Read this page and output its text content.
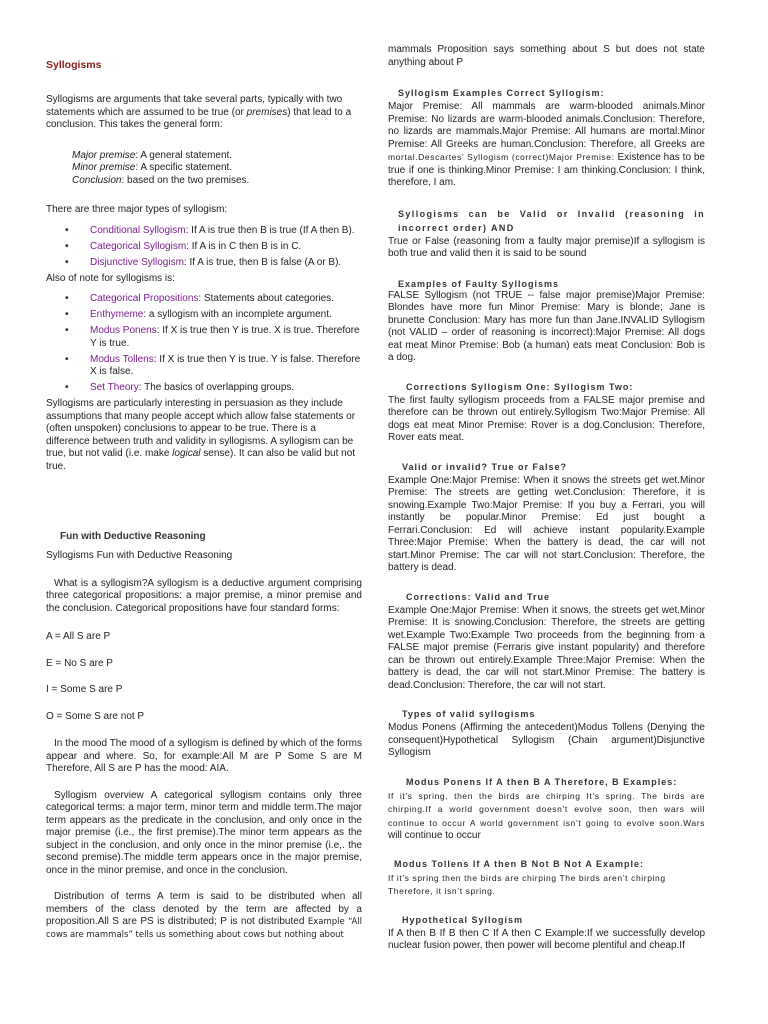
Syllogisms

Syllogisms are arguments that take several parts, typically with two statements which are assumed to be true (or premises) that lead to a conclusion. This takes the general form:

Major premise: A general statement.

Minor premise: A specific statement.

Conclusion: based on the two premises.

There are three major types of syllogism:

• Conditional Syllogism: If A is true then B is true (If A then B).
• Categorical Syllogism: If A is in C then B is in C.
• Disjunctive Syllogism: If A is true, then B is false (A or B).

Also of note for syllogisms is:

• Categorical Propositions: Statements about categories.
• Enthymeme: a syllogism with an incomplete argument.
• Modus Ponens: If X is true then Y is true. X is true. Therefore Y is true.
• Modus Tollens: If X is true then Y is true. Y is false. Therefore X is false.
• Set Theory: The basics of overlapping groups.

Syllogisms are particularly interesting in persuasion as they include assumptions that many people accept which allow false statements or (often unspoken) conclusions to appear to be true. There is a difference between truth and validity in syllogisms. A syllogism can be true, but not valid (i.e. make logical sense). It can also be valid but not true.

Fun with Deductive Reasoning

Syllogisms Fun with Deductive Reasoning

What is a syllogism?A syllogism is a deductive argument comprising three categorical propositions: a major premise, a minor premise and the conclusion. Categorical propositions have four standard forms:

A = All S are P

E = No S are P

I = Some S are P

O = Some S are not P

In the mood The mood of a syllogism is defined by which of the forms appear and where. So, for example:All M are P Some S are M Therefore, All S are P has the mood: AIA.

Syllogism overview A categorical syllogism contains only three categorical terms: a major term, minor term and middle term.The major term appears as the predicate in the conclusion, and only once in the major premise (i.e., the first premise).The minor term appears as the subject in the conclusion, and only once in the minor premise (i.e,. the second premise).The middle term appears once in the major premise, once in the minor premise, and once in the conclusion.

Distribution of terms A term is said to be distributed when all members of the class denoted by the term are affected by a proposition.All S are PS is distributed; P is not distributed Example “All cows are mammals” tells us something about cows but nothing about

mammals Proposition says something about S but does not state anything about P

Syllogism Examples Correct Syllogism:

Major Premise: All mammals are warm-blooded animals.Minor Premise: No lizards are warm-blooded animals.Conclusion: Therefore, no lizards are mammals.Major Premise: All humans are mortal.Minor Premise: All Greeks are human.Conclusion: Therefore, all Greeks are mortal.Descartes’ Syllogism (correct)Major Premise: Existence has to be true if one is thinking.Minor Premise: I am thinking.Conclusion: I think, therefore, I am.

Syllogisms can be Valid or Invalid (reasoning in incorrect order) AND

True or False (reasoning from a faulty major premise)If a syllogism is both true and valid then it is said to be sound

Examples of Faulty Syllogisms

FALSE Syllogism (not TRUE -- false major premise)Major Premise: Blondes have more fun Minor Premise: Mary is blonde; Jane is brunette Conclusion: Mary has more fun than Jane.INVALID Syllogism (not VALID – order of reasoning is incorrect):Major Premise: All dogs eat meat Minor Premise: Bob (a human) eats meat Conclusion: Bob is a dog.

Corrections Syllogism One: Syllogism Two:

The first faulty syllogism proceeds from a FALSE major premise and therefore can be thrown out entirely.Syllogism Two:Major Premise: All dogs eat meat Minor Premise: Rover is a dog.Conclusion: Therefore, Rover eats meat.

Valid or invalid? True or False?

Example One:Major Premise: When it snows the streets get wet.Minor Premise: The streets are getting wet.Conclusion: Therefore, it is snowing.Example Two:Major Premise: If you buy a Ferrari, you will instantly be popular.Minor Premise: Ed just bought a Ferrari.Conclusion: Ed will achieve instant popularity.Example Three:Major Premise: When the battery is dead, the car will not start.Minor Premise: The car will not start.Conclusion: Therefore, the battery is dead.

Corrections: Valid and True

Example One:Major Premise: When it snows, the streets get wet.Minor Premise: It is snowing.Conclusion: Therefore, the streets are getting wet.Example Two:Example Two proceeds from the beginning from a FALSE major premise (Ferraris give instant popularity) and therefore can be thrown out entirely.Example Three:Major Premise: When the battery is dead, the car will not start.Minor Premise: The battery is dead.Conclusion: Therefore, the car will not start.

Types of valid syllogisms

Modus Ponens (Affirming the antecedent)Modus Tollens (Denying the consequent)Hypothetical Syllogism (Chain argument)Disjunctive Syllogism

Modus Ponens If A then B A Therefore, B Examples:

If it’s spring, then the birds are chirping It’s spring. The birds are chirping.If a world government doesn’t evolve soon, then wars will continue to occur A world government isn’t going to evolve soon.Wars will continue to occur

Modus Tollens If A then B Not B Not A Example:

If it’s spring then the birds are chirping The birds aren’t chirping Therefore, it isn’t spring.

Hypothetical Syllogism

If A then B If B then C If A then C Example:If we successfully develop nuclear fusion power, then power will become plentiful and cheap.If
